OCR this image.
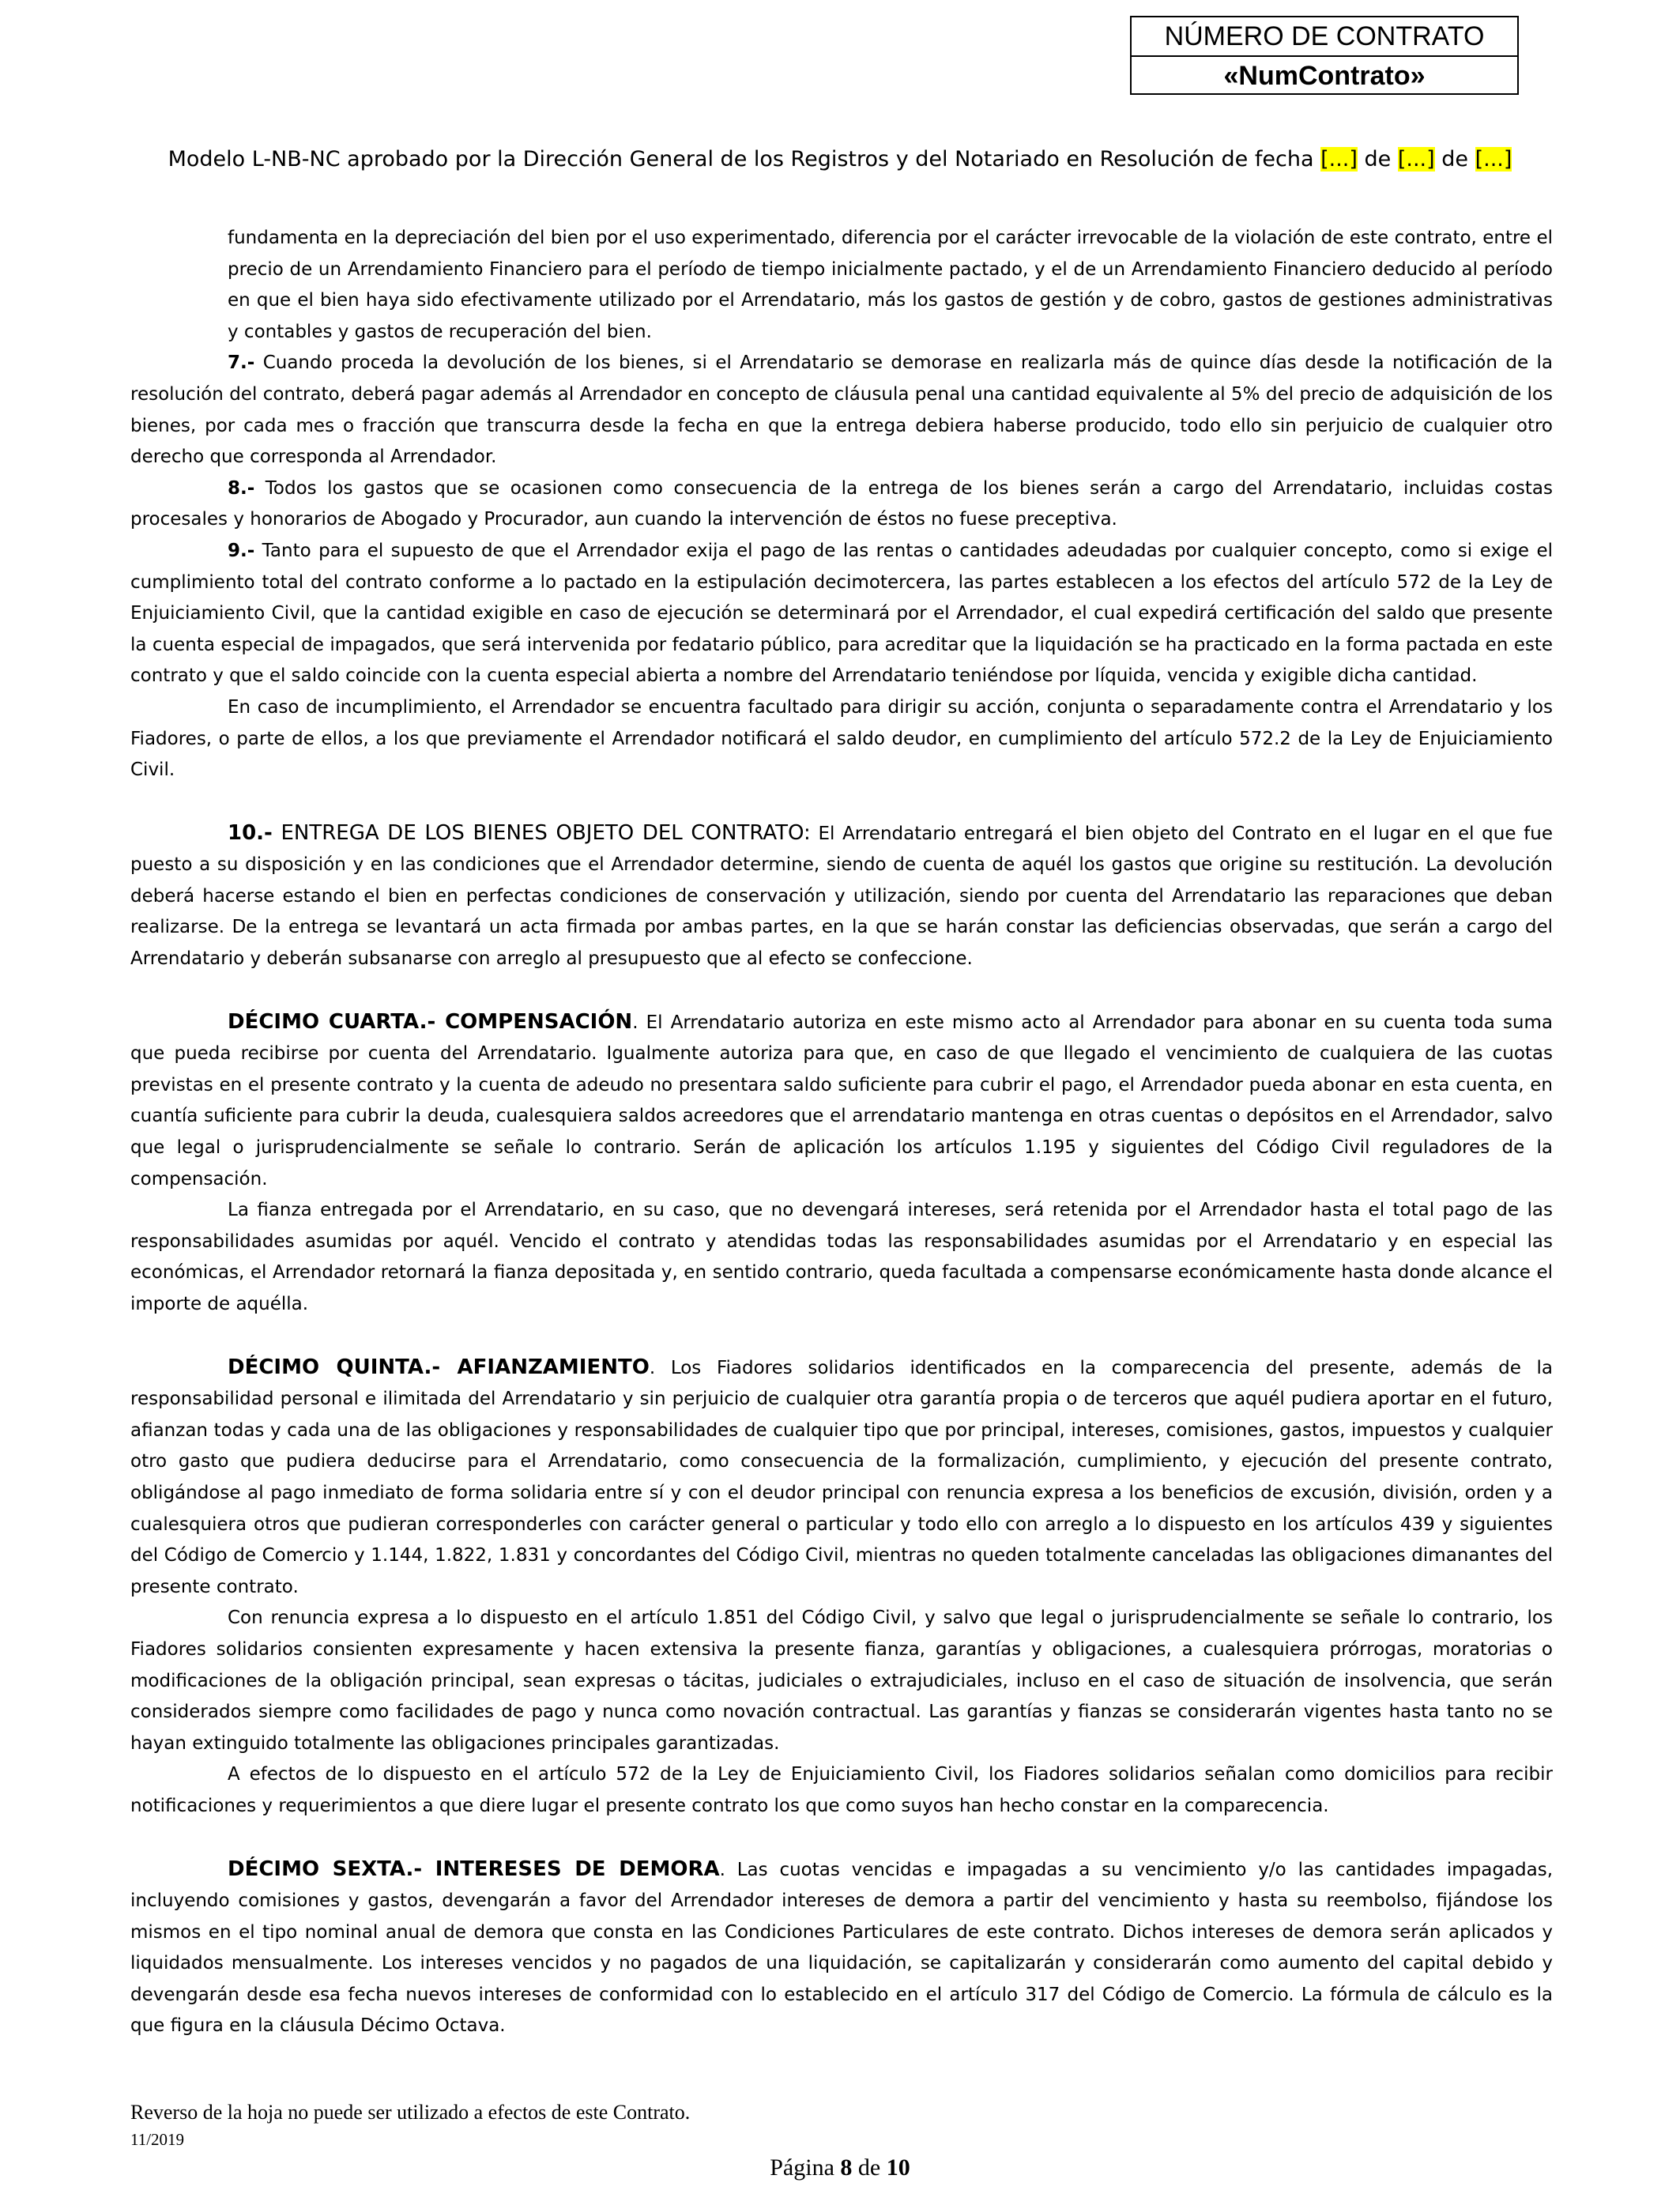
NÚMERO DE CONTRATO
«NumContrato»
Modelo L-NB-NC aprobado por la Dirección General de los Registros y del Notariado en Resolución de fecha [...] de [...] de [...]

fundamenta en la depreciación del bien por el uso experimentado, diferencia por el carácter irrevocable de la violación de este contrato, entre el precio de un Arrendamiento Financiero para el período de tiempo inicialmente pactado, y el de un Arrendamiento Financiero deducido al período en que el bien haya sido efectivamente utilizado por el Arrendatario, más los gastos de gestión y de cobro, gastos de gestiones administrativas y contables y gastos de recuperación del bien.

7.- Cuando proceda la devolución de los bienes, si el Arrendatario se demorase en realizarla más de quince días desde la notificación de la resolución del contrato, deberá pagar además al Arrendador en concepto de cláusula penal una cantidad equivalente al 5% del precio de adquisición de los bienes, por cada mes o fracción que transcurra desde la fecha en que la entrega debiera haberse producido, todo ello sin perjuicio de cualquier otro derecho que corresponda al Arrendador.

8.- Todos los gastos que se ocasionen como consecuencia de la entrega de los bienes serán a cargo del Arrendatario, incluidas costas procesales y honorarios de Abogado y Procurador, aun cuando la intervención de éstos no fuese preceptiva.

9.- Tanto para el supuesto de que el Arrendador exija el pago de las rentas o cantidades adeudadas por cualquier concepto, como si exige el cumplimiento total del contrato conforme a lo pactado en la estipulación decimotercera, las partes establecen a los efectos del artículo 572 de la Ley de Enjuiciamiento Civil, que la cantidad exigible en caso de ejecución se determinará por el Arrendador, el cual expedirá certificación del saldo que presente la cuenta especial de impagados, que será intervenida por fedatario público, para acreditar que la liquidación se ha practicado en la forma pactada en este contrato y que el saldo coincide con la cuenta especial abierta a nombre del Arrendatario teniéndose por líquida, vencida y exigible dicha cantidad.

En caso de incumplimiento, el Arrendador se encuentra facultado para dirigir su acción, conjunta o separadamente contra el Arrendatario y los Fiadores, o parte de ellos, a los que previamente el Arrendador notificará el saldo deudor, en cumplimiento del artículo 572.2 de la Ley de Enjuiciamiento Civil.

10.- ENTREGA DE LOS BIENES OBJETO DEL CONTRATO: El Arrendatario entregará el bien objeto del Contrato en el lugar en el que fue puesto a su disposición y en las condiciones que el Arrendador determine, siendo de cuenta de aquél los gastos que origine su restitución. La devolución deberá hacerse estando el bien en perfectas condiciones de conservación y utilización, siendo por cuenta del Arrendatario las reparaciones que deban realizarse. De la entrega se levantará un acta firmada por ambas partes, en la que se harán constar las deficiencias observadas, que serán a cargo del Arrendatario y deberán subsanarse con arreglo al presupuesto que al efecto se confeccione.

DÉCIMO CUARTA.- COMPENSACIÓN. El Arrendatario autoriza en este mismo acto al Arrendador para abonar en su cuenta toda suma que pueda recibirse por cuenta del Arrendatario. Igualmente autoriza para que, en caso de que llegado el vencimiento de cualquiera de las cuotas previstas en el presente contrato y la cuenta de adeudo no presentara saldo suficiente para cubrir el pago, el Arrendador pueda abonar en esta cuenta, en cuantía suficiente para cubrir la deuda, cualesquiera saldos acreedores que el arrendatario mantenga en otras cuentas o depósitos en el Arrendador, salvo que legal o jurisprudencialmente se señale lo contrario. Serán de aplicación los artículos 1.195 y siguientes del Código Civil reguladores de la compensación.

La fianza entregada por el Arrendatario, en su caso, que no devengará intereses, será retenida por el Arrendador hasta el total pago de las responsabilidades asumidas por aquél. Vencido el contrato y atendidas todas las responsabilidades asumidas por el Arrendatario y en especial las económicas, el Arrendador retornará la fianza depositada y, en sentido contrario, queda facultada a compensarse económicamente hasta donde alcance el importe de aquélla.

DÉCIMO QUINTA.- AFIANZAMIENTO. Los Fiadores solidarios identificados en la comparecencia del presente, además de la responsabilidad personal e ilimitada del Arrendatario y sin perjuicio de cualquier otra garantía propia o de terceros que aquél pudiera aportar en el futuro, afianzan todas y cada una de las obligaciones y responsabilidades de cualquier tipo que por principal, intereses, comisiones, gastos, impuestos y cualquier otro gasto que pudiera deducirse para el Arrendatario, como consecuencia de la formalización, cumplimiento, y ejecución del presente contrato, obligándose al pago inmediato de forma solidaria entre sí y con el deudor principal con renuncia expresa a los beneficios de excusión, división, orden y a cualesquiera otros que pudieran corresponderles con carácter general o particular y todo ello con arreglo a lo dispuesto en los artículos 439 y siguientes del Código de Comercio y 1.144, 1.822, 1.831 y concordantes del Código Civil, mientras no queden totalmente canceladas las obligaciones dimanantes del presente contrato.

Con renuncia expresa a lo dispuesto en el artículo 1.851 del Código Civil, y salvo que legal o jurisprudencialmente se señale lo contrario, los Fiadores solidarios consienten expresamente y hacen extensiva la presente fianza, garantías y obligaciones, a cualesquiera prórrogas, moratorias o modificaciones de la obligación principal, sean expresas o tácitas, judiciales o extrajudiciales, incluso en el caso de situación de insolvencia, que serán considerados siempre como facilidades de pago y nunca como novación contractual. Las garantías y fianzas se considerarán vigentes hasta tanto no se hayan extinguido totalmente las obligaciones principales garantizadas.

A efectos de lo dispuesto en el artículo 572 de la Ley de Enjuiciamiento Civil, los Fiadores solidarios señalan como domicilios para recibir notificaciones y requerimientos a que diere lugar el presente contrato los que como suyos han hecho constar en la comparecencia.

DÉCIMO SEXTA.- INTERESES DE DEMORA. Las cuotas vencidas e impagadas a su vencimiento y/o las cantidades impagadas, incluyendo comisiones y gastos, devengarán a favor del Arrendador intereses de demora a partir del vencimiento y hasta su reembolso, fijándose los mismos en el tipo nominal anual de demora que consta en las Condiciones Particulares de este contrato. Dichos intereses de demora serán aplicados y liquidados mensualmente. Los intereses vencidos y no pagados de una liquidación, se capitalizarán y considerarán como aumento del capital debido y devengarán desde esa fecha nuevos intereses de conformidad con lo establecido en el artículo 317 del Código de Comercio. La fórmula de cálculo es la que figura en la cláusula Décimo Octava.

Reverso de la hoja no puede ser utilizado a efectos de este Contrato.
11/2019
Página 8 de 10
